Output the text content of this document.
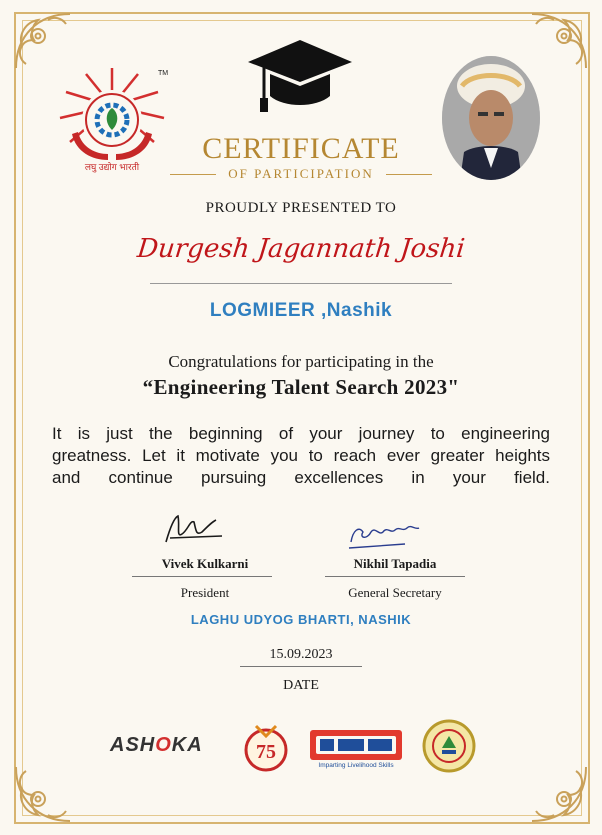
TM
लघु उद्योग भारती
CERTIFICATE
OF PARTICIPATION
PROUDLY PRESENTED TO
Durgesh Jagannath Joshi
LOGMIEER ,Nashik
Congratulations for participating in the
“Engineering Talent Search 2023"
It is just the beginning of your journey to engineering
greatness. Let it motivate you to reach ever greater heights
and continue pursuing excellences in your field.
Vivek Kulkarni	Nikhil Tapadia
President	General Secretary
LAGHU UDYOG BHARTI, NASHIK
15.09.2023
DATE
ASHOKA	75
Imparting Livelihood Skills
